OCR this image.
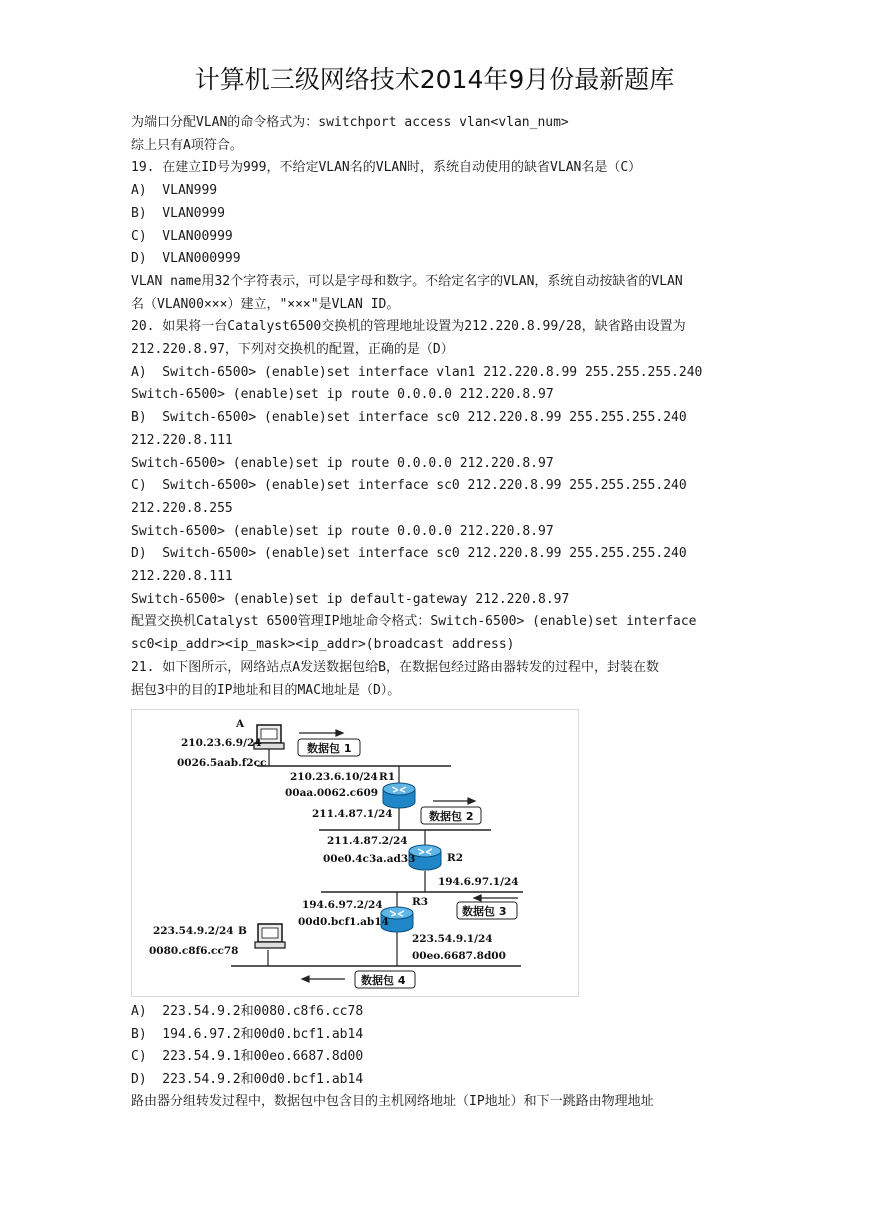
计算机三级网络技术2014年9月份最新题库
为端口分配VLAN的命令格式为：switchport access vlan<vlan_num>
综上只有A项符合。
19. 在建立ID号为999，不给定VLAN名的VLAN时，系统自动使用的缺省VLAN名是（C）
A)  VLAN999
B)  VLAN0999
C)  VLAN00999
D)  VLAN000999
VLAN name用32个字符表示，可以是字母和数字。不给定名字的VLAN，系统自动按缺省的VLAN
名（VLAN00×××）建立，"×××"是VLAN ID。
20. 如果将一台Catalyst6500交换机的管理地址设置为212.220.8.99/28，缺省路由设置为
212.220.8.97，下列对交换机的配置，正确的是（D）
A)  Switch-6500> (enable)set interface vlan1 212.220.8.99 255.255.255.240
Switch-6500> (enable)set ip route 0.0.0.0 212.220.8.97
B)  Switch-6500> (enable)set interface sc0 212.220.8.99 255.255.255.240
212.220.8.111
Switch-6500> (enable)set ip route 0.0.0.0 212.220.8.97
C)  Switch-6500> (enable)set interface sc0 212.220.8.99 255.255.255.240
212.220.8.255
Switch-6500> (enable)set ip route 0.0.0.0 212.220.8.97
D)  Switch-6500> (enable)set interface sc0 212.220.8.99 255.255.255.240
212.220.8.111
Switch-6500> (enable)set ip default-gateway 212.220.8.97
配置交换机Catalyst 6500管理IP地址命令格式：Switch-6500> (enable)set interface
sc0<ip_addr><ip_mask><ip_addr>(broadcast address)
21. 如下图所示，网络站点A发送数据包给B，在数据包经过路由器转发的过程中，封装在数
据包3中的目的IP地址和目的MAC地址是（D）。
A
210.23.6.9/24
0026.5aab.f2cc
数据包 1
210.23.6.10/24 R1
00aa.0062.c609
211.4.87.1/24	数据包 2
211.4.87.2/24
00e0.4c3a.ad33	R2
194.6.97.1/24
194.6.97.2/24	R3
00d0.bcf1.ab14
数据包 3
223.54.9.2/24 B
0080.c8f6.cc78
223.54.9.1/24
00eo.6687.8d00
数据包 4
A)  223.54.9.2和0080.c8f6.cc78
B)  194.6.97.2和00d0.bcf1.ab14
C)  223.54.9.1和00eo.6687.8d00
D)  223.54.9.2和00d0.bcf1.ab14
路由器分组转发过程中，数据包中包含目的主机网络地址（IP地址）和下一跳路由物理地址
